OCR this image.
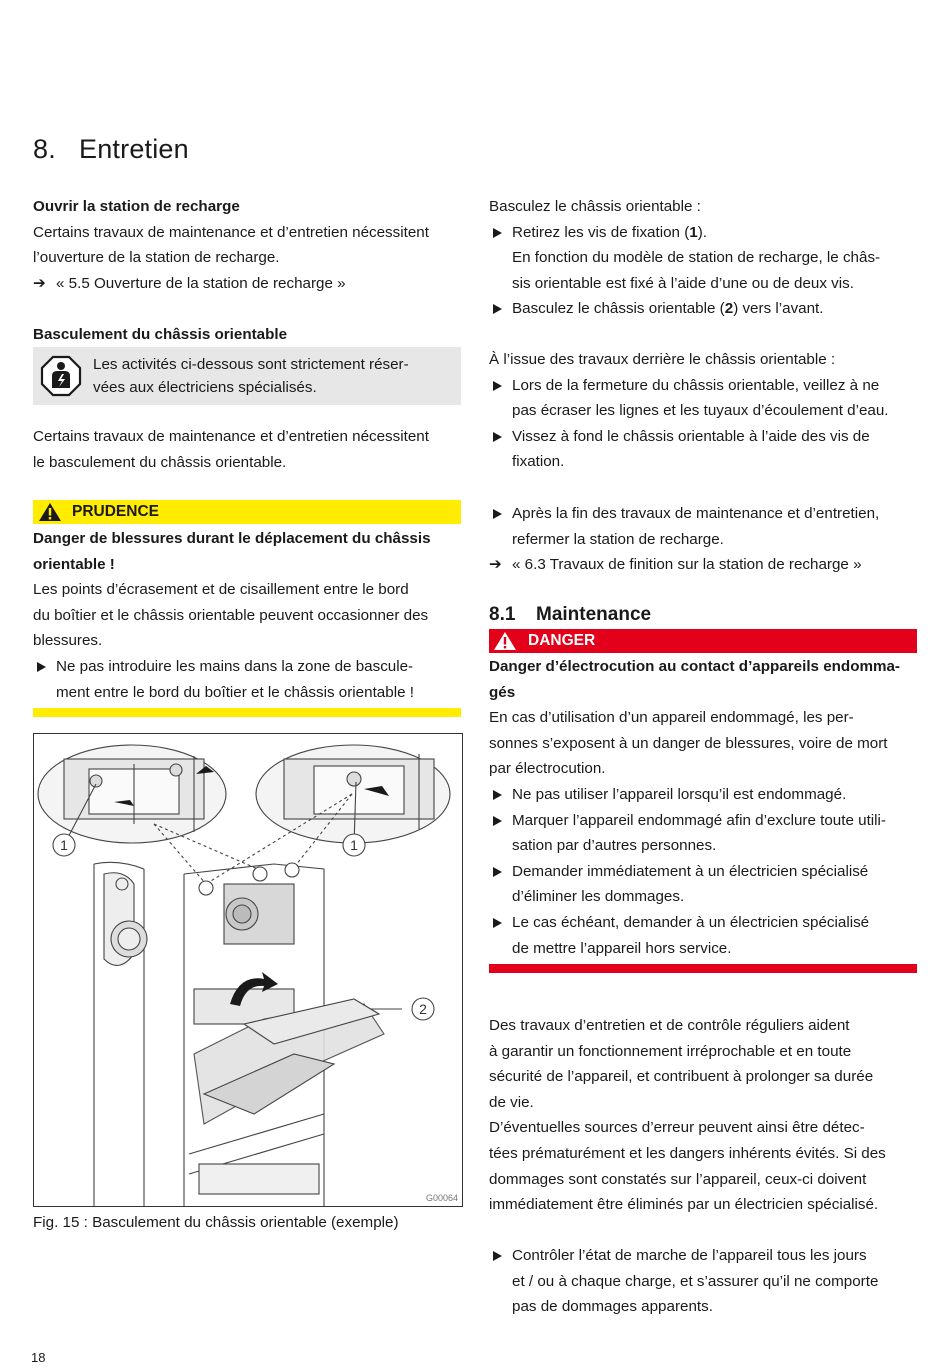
8. Entretien

Ouvrir la station de recharge

Certains travaux de maintenance et d’entretien nécessitent

l’ouverture de la station de recharge.

➔ « 5.5 Ouverture de la station de recharge »

Basculement du châssis orientable

Les activités ci-dessous sont strictement réser-

vées aux électriciens spécialisés.

Certains travaux de maintenance et d’entretien nécessitent

le basculement du châssis orientable.

PRUDENCE

Danger de blessures durant le déplacement du châssis

orientable !

Les points d’écrasement et de cisaillement entre le bord

du boîtier et le châssis orientable peuvent occasionner des

blessures.

Ne pas introduire les mains dans la zone de bascule-

ment entre le bord du boîtier et le châssis orientable !

1	1
2
G00064

Fig. 15 : Basculement du châssis orientable (exemple)

Basculez le châssis orientable :

Retirez les vis de fixation (1).

En fonction du modèle de station de recharge, le châs-

sis orientable est fixé à l’aide d’une ou de deux vis.

Basculez le châssis orientable (2) vers l’avant.

À l’issue des travaux derrière le châssis orientable :

Lors de la fermeture du châssis orientable, veillez à ne

pas écraser les lignes et les tuyaux d’écoulement d’eau.

Vissez à fond le châssis orientable à l’aide des vis de

fixation.

Après la fin des travaux de maintenance et d’entretien,

refermer la station de recharge.

➔ « 6.3 Travaux de finition sur la station de recharge »

8.1 Maintenance
DANGER

Danger d’électrocution au contact d’appareils endomma-

gés

En cas d’utilisation d’un appareil endommagé, les per-

sonnes s’exposent à un danger de blessures, voire de mort

par électrocution.

Ne pas utiliser l’appareil lorsqu’il est endommagé.

Marquer l’appareil endommagé afin d’exclure toute utili-

sation par d’autres personnes.

Demander immédiatement à un électricien spécialisé

d’éliminer les dommages.

Le cas échéant, demander à un électricien spécialisé

de mettre l’appareil hors service.

Des travaux d’entretien et de contrôle réguliers aident

à garantir un fonctionnement irréprochable et en toute

sécurité de l’appareil, et contribuent à prolonger sa durée

de vie.

D’éventuelles sources d’erreur peuvent ainsi être détec-

tées prématurément et les dangers inhérents évités. Si des

dommages sont constatés sur l’appareil, ceux-ci doivent

immédiatement être éliminés par un électricien spécialisé.

Contrôler l’état de marche de l’appareil tous les jours

et / ou à chaque charge, et s’assurer qu’il ne comporte

pas de dommages apparents.

18
